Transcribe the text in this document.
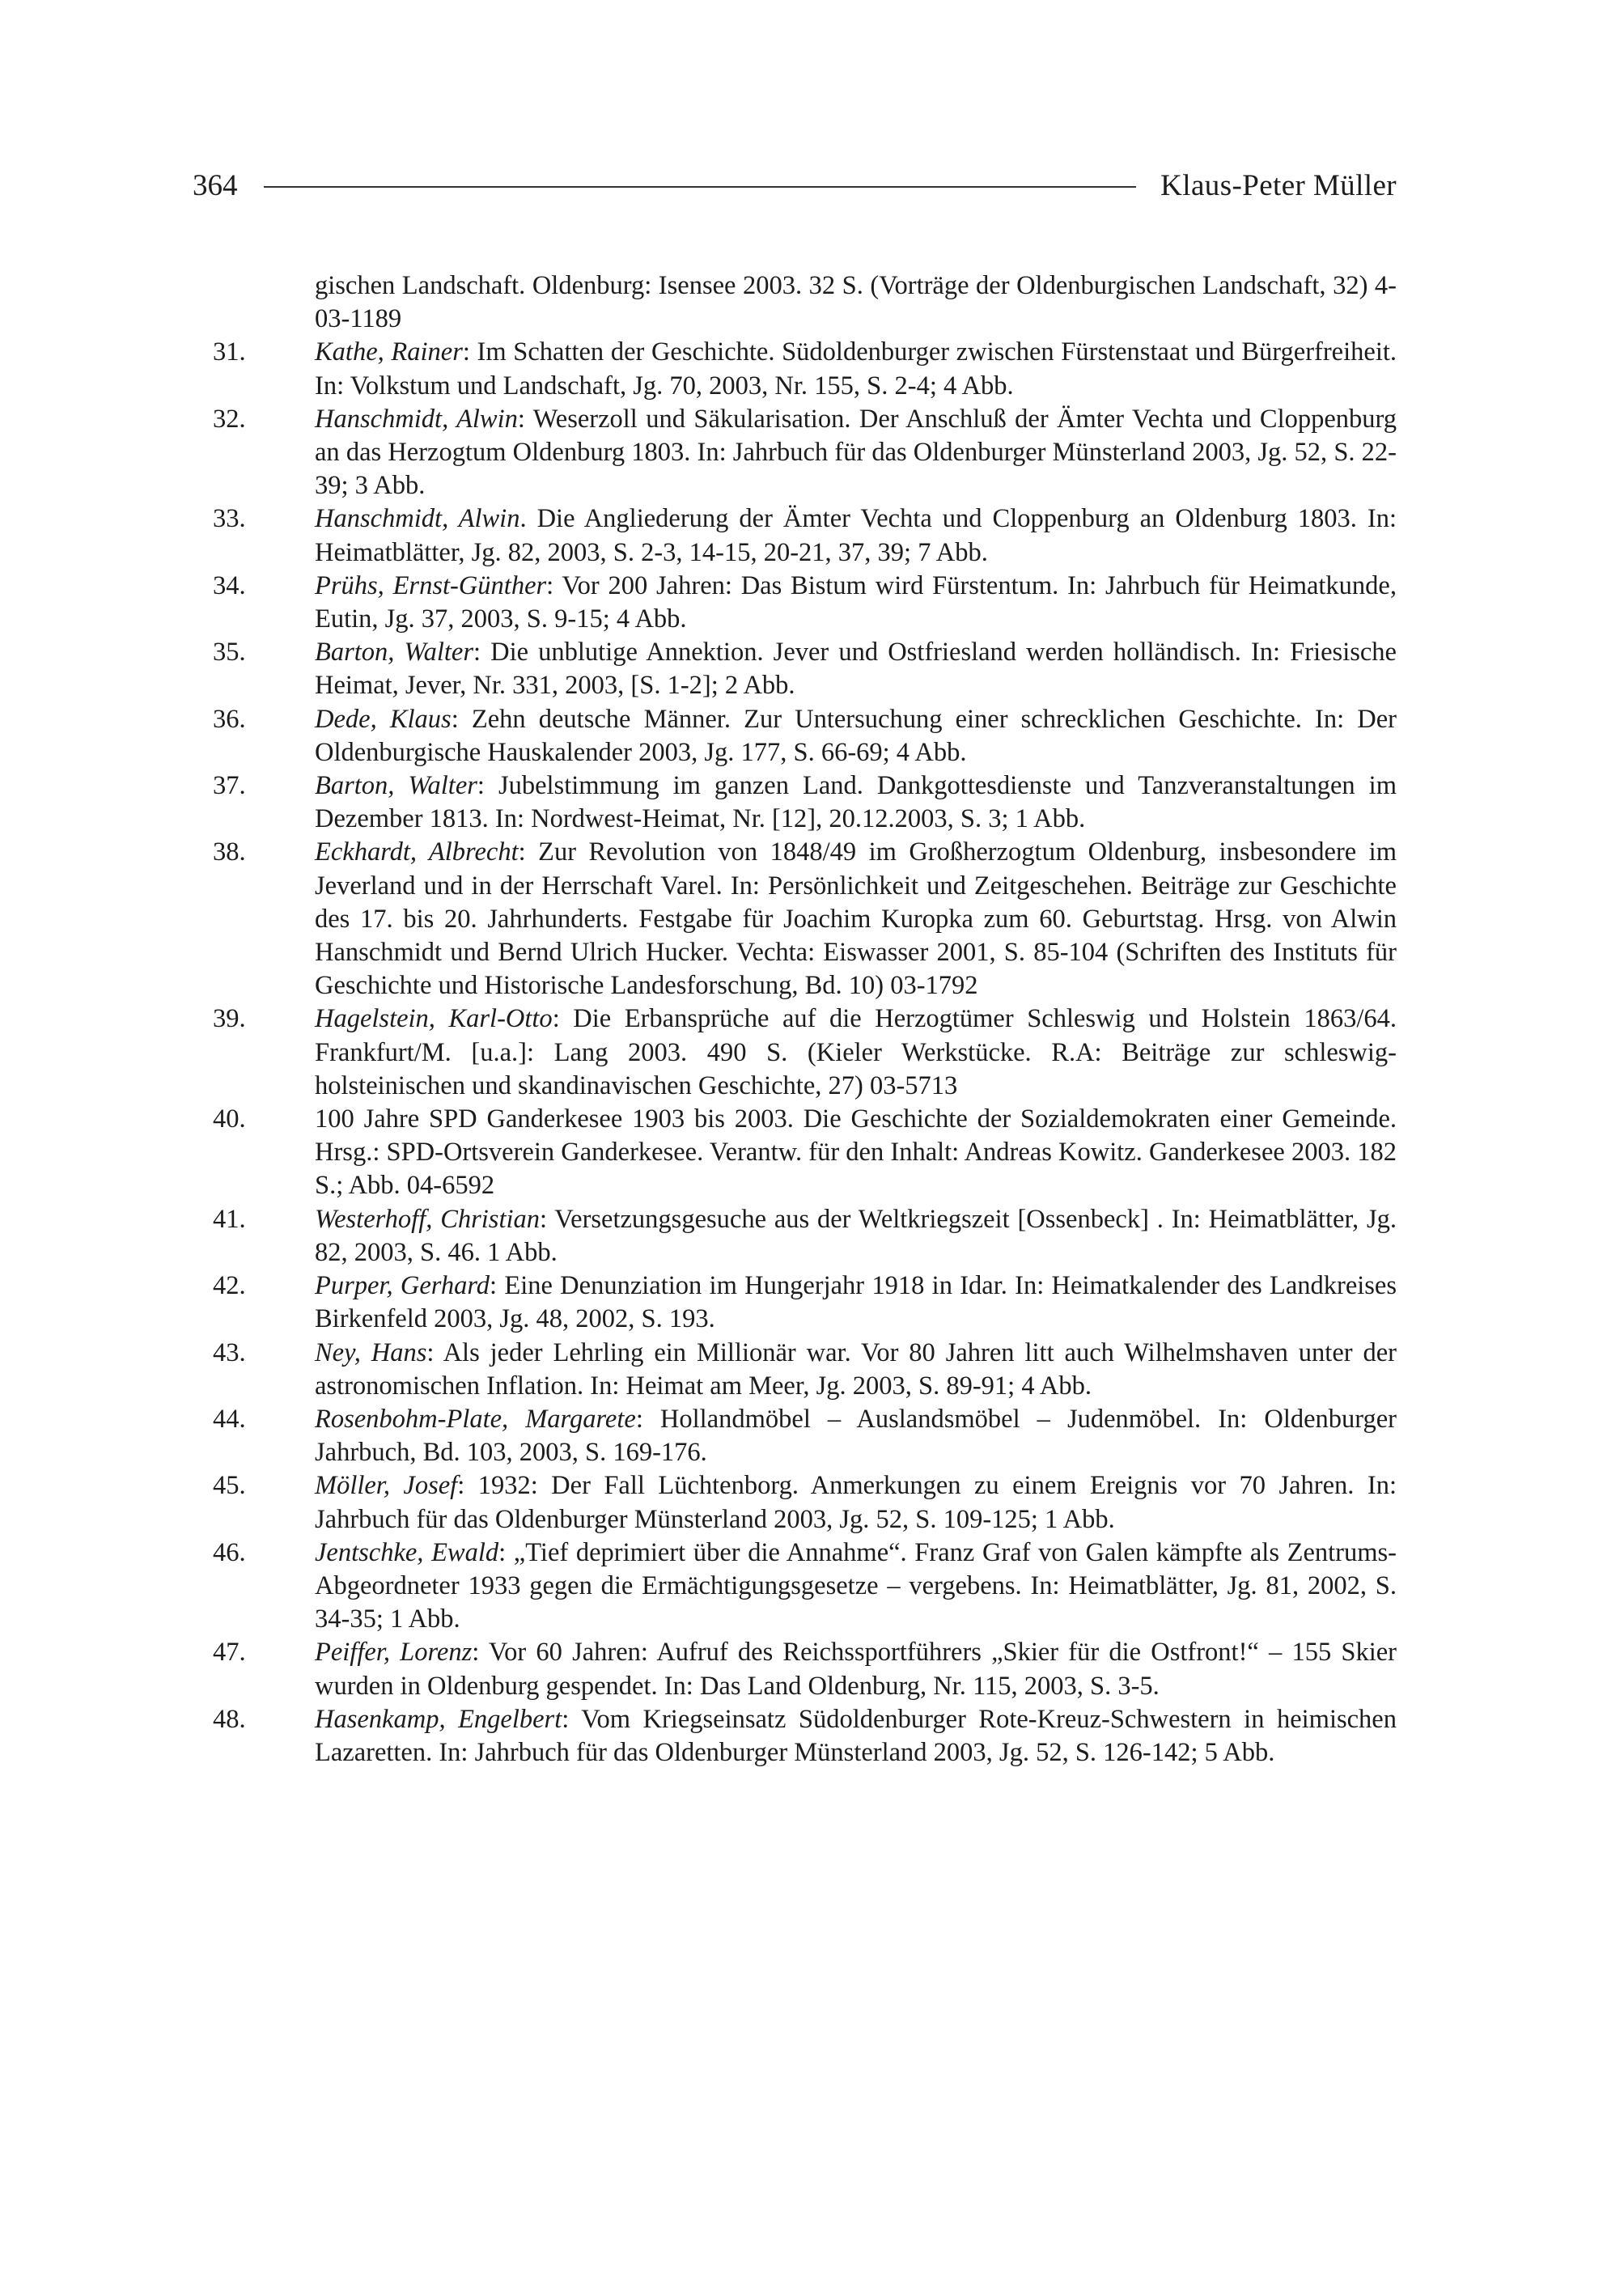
364	Klaus-Peter Müller
gischen Landschaft. Oldenburg: Isensee 2003. 32 S. (Vorträge der Oldenburgischen Landschaft, 32) 4-03-1189
31.	Kathe, Rainer: Im Schatten der Geschichte. Südoldenburger zwischen Fürstenstaat und Bürgerfreiheit. In: Volkstum und Landschaft, Jg. 70, 2003, Nr. 155, S. 2-4; 4 Abb.
32.	Hanschmidt, Alwin: Weserzoll und Säkularisation. Der Anschluß der Ämter Vechta und Cloppenburg an das Herzogtum Oldenburg 1803. In: Jahrbuch für das Oldenburger Münsterland 2003, Jg. 52, S. 22-39; 3 Abb.
33.	Hanschmidt, Alwin. Die Angliederung der Ämter Vechta und Cloppenburg an Oldenburg 1803. In: Heimatblätter, Jg. 82, 2003, S. 2-3, 14-15, 20-21, 37, 39; 7 Abb.
34.	Prühs, Ernst-Günther: Vor 200 Jahren: Das Bistum wird Fürstentum. In: Jahrbuch für Heimatkunde, Eutin, Jg. 37, 2003, S. 9-15; 4 Abb.
35.	Barton, Walter: Die unblutige Annektion. Jever und Ostfriesland werden holländisch. In: Friesische Heimat, Jever, Nr. 331, 2003, [S. 1-2]; 2 Abb.
36.	Dede, Klaus: Zehn deutsche Männer. Zur Untersuchung einer schrecklichen Geschichte. In: Der Oldenburgische Hauskalender 2003, Jg. 177, S. 66-69; 4 Abb.
37.	Barton, Walter: Jubelstimmung im ganzen Land. Dankgottesdienste und Tanzveranstaltungen im Dezember 1813. In: Nordwest-Heimat, Nr. [12], 20.12.2003, S. 3; 1 Abb.
38.	Eckhardt, Albrecht: Zur Revolution von 1848/49 im Großherzogtum Oldenburg, insbesondere im Jeverland und in der Herrschaft Varel. In: Persönlichkeit und Zeitgeschehen. Beiträge zur Geschichte des 17. bis 20. Jahrhunderts. Festgabe für Joachim Kuropka zum 60. Geburtstag. Hrsg. von Alwin Hanschmidt und Bernd Ulrich Hucker. Vechta: Eiswasser 2001, S. 85-104 (Schriften des Instituts für Geschichte und Historische Landesforschung, Bd. 10) 03-1792
39.	Hagelstein, Karl-Otto: Die Erbansprüche auf die Herzogtümer Schleswig und Holstein 1863/64. Frankfurt/M. [u.a.]: Lang 2003. 490 S. (Kieler Werkstücke. R.A: Beiträge zur schleswig-holsteinischen und skandinavischen Geschichte, 27) 03-5713
40.	100 Jahre SPD Ganderkesee 1903 bis 2003. Die Geschichte der Sozialdemokraten einer Gemeinde. Hrsg.: SPD-Ortsverein Ganderkesee. Verantw. für den Inhalt: Andreas Kowitz. Ganderkesee 2003. 182 S.; Abb. 04-6592
41.	Westerhoff, Christian: Versetzungsgesuche aus der Weltkriegszeit [Ossenbeck] . In: Heimatblätter, Jg. 82, 2003, S. 46. 1 Abb.
42.	Purper, Gerhard: Eine Denunziation im Hungerjahr 1918 in Idar. In: Heimatkalender des Landkreises Birkenfeld 2003, Jg. 48, 2002, S. 193.
43.	Ney, Hans: Als jeder Lehrling ein Millionär war. Vor 80 Jahren litt auch Wilhelmshaven unter der astronomischen Inflation. In: Heimat am Meer, Jg. 2003, S. 89-91; 4 Abb.
44.	Rosenbohm-Plate, Margarete: Hollandmöbel – Auslandsmöbel – Judenmöbel. In: Oldenburger Jahrbuch, Bd. 103, 2003, S. 169-176.
45.	Möller, Josef: 1932: Der Fall Lüchtenborg. Anmerkungen zu einem Ereignis vor 70 Jahren. In: Jahrbuch für das Oldenburger Münsterland 2003, Jg. 52, S. 109-125; 1 Abb.
46.	Jentschke, Ewald: „Tief deprimiert über die Annahme“. Franz Graf von Galen kämpfte als Zentrums-Abgeordneter 1933 gegen die Ermächtigungsgesetze – vergebens. In: Heimatblätter, Jg. 81, 2002, S. 34-35; 1 Abb.
47.	Peiffer, Lorenz: Vor 60 Jahren: Aufruf des Reichssportführers „Skier für die Ostfront!“ – 155 Skier wurden in Oldenburg gespendet. In: Das Land Oldenburg, Nr. 115, 2003, S. 3-5.
48.	Hasenkamp, Engelbert: Vom Kriegseinsatz Südoldenburger Rote-Kreuz-Schwestern in heimischen Lazaretten. In: Jahrbuch für das Oldenburger Münsterland 2003, Jg. 52, S. 126-142; 5 Abb.
